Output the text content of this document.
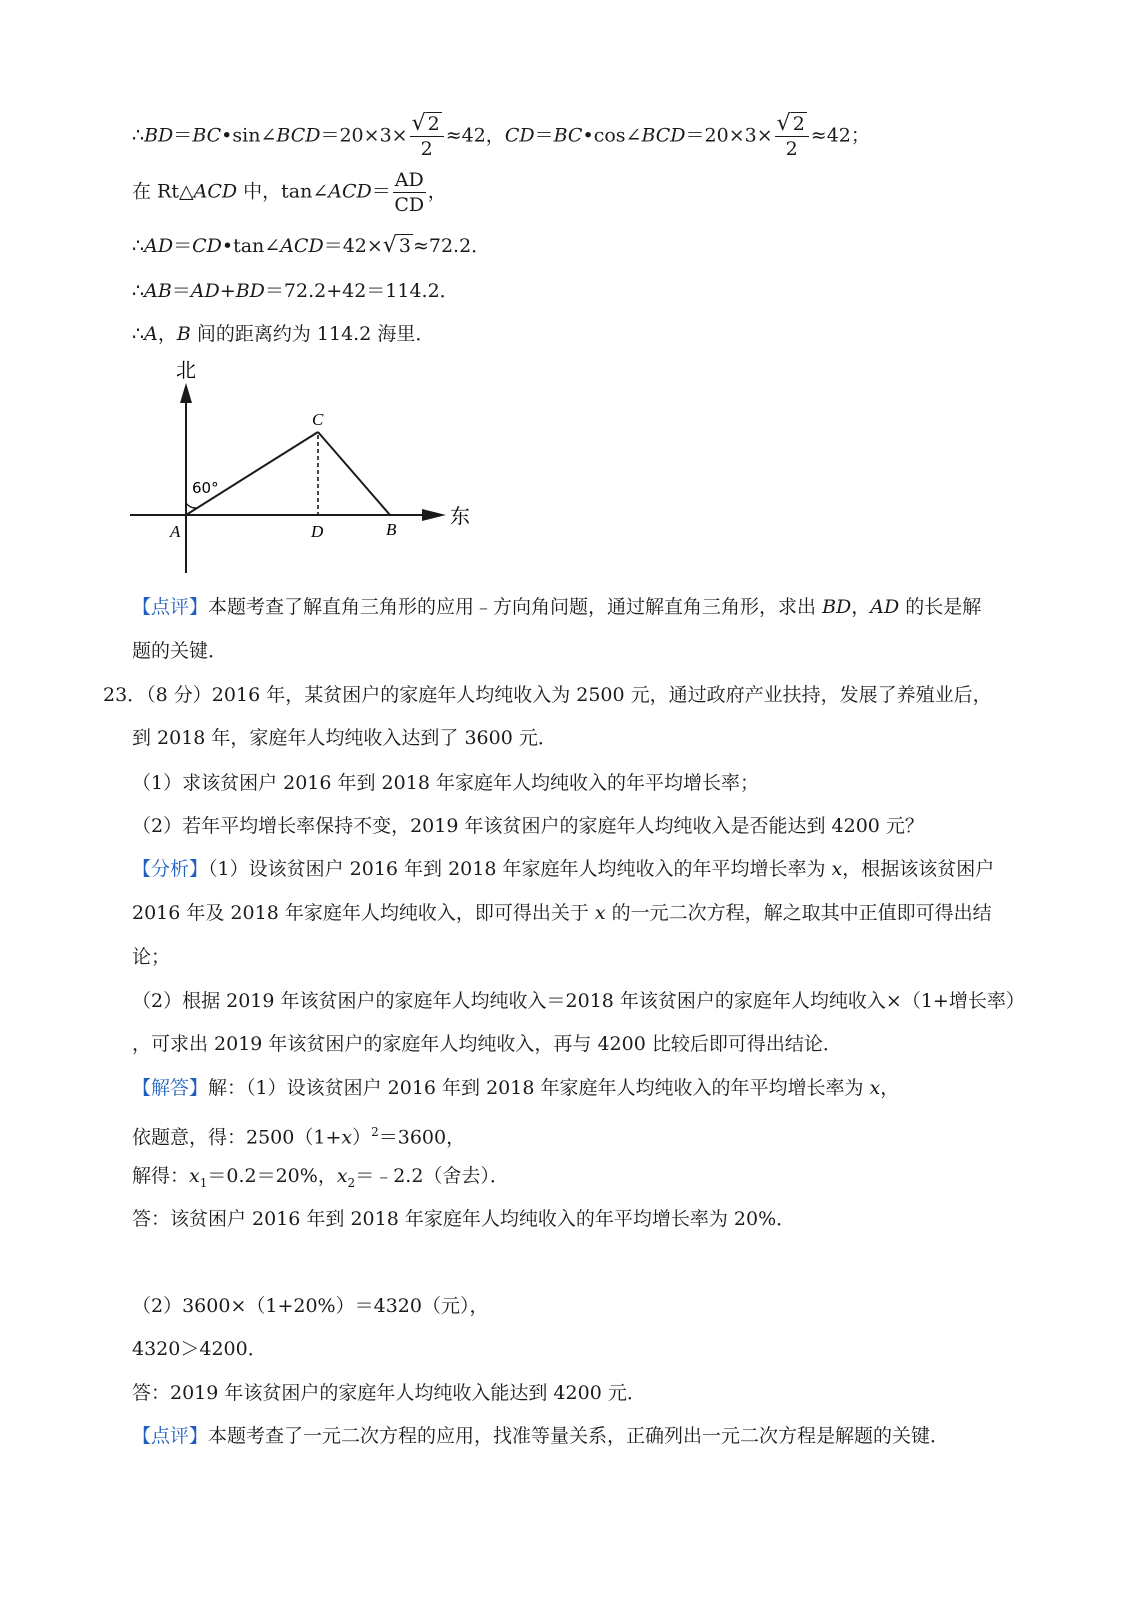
∴BD＝BC•sin∠BCD＝20×3× $\frac{√ 2}{2} \approx 42$，CD＝BC•cos∠BCD＝20×3× $\frac{√ 2}{2} \approx 42$；
在 Rt△ACD 中，tan∠ACD＝ $\frac{AD}{CD}$ ，
∴AD＝CD•tan∠ACD＝42×√ 3 ≈72.2．
∴AB＝AD+BD＝72.2+42＝114.2．
∴A，B 间的距离约为 114.2 海里．
北
东
60°
A
C
D	B
【点评】本题考查了解直角三角形的应用﹣方向角问题，通过解直角三角形，求出 BD，AD 的长是解
题的关键．
23．（8 分）2016 年，某贫困户的家庭年人均纯收入为 2500 元，通过政府产业扶持，发展了养殖业后，
到 2018 年，家庭年人均纯收入达到了 3600 元．
（1）求该贫困户 2016 年到 2018 年家庭年人均纯收入的年平均增长率；
（2）若年平均增长率保持不变，2019 年该贫困户的家庭年人均纯收入是否能达到 4200 元？
【分析】（1）设该贫困户 2016 年到 2018 年家庭年人均纯收入的年平均增长率为 x，根据该该贫困户
2016 年及 2018 年家庭年人均纯收入，即可得出关于 x 的一元二次方程，解之取其中正值即可得出结
论；
（2）根据 2019 年该贫困户的家庭年人均纯收入＝2018 年该贫困户的家庭年人均纯收入×（1+增长率）
，可求出 2019 年该贫困户的家庭年人均纯收入，再与 4200 比较后即可得出结论．
【解答】解：（1）设该贫困户 2016 年到 2018 年家庭年人均纯收入的年平均增长率为 x，
依题意，得：$2500(1+x)^2=3600$，
解得：$x_1=0.2=20\%$，$x_2=﹣2.2$（舍去）．
答：该贫困户 2016 年到 2018 年家庭年人均纯收入的年平均增长率为 20%．
（2）3600×（1+20%）＝4320（元），
4320＞4200．
答：2019 年该贫困户的家庭年人均纯收入能达到 4200 元．
【点评】本题考查了一元二次方程的应用，找准等量关系，正确列出一元二次方程是解题的关键．
